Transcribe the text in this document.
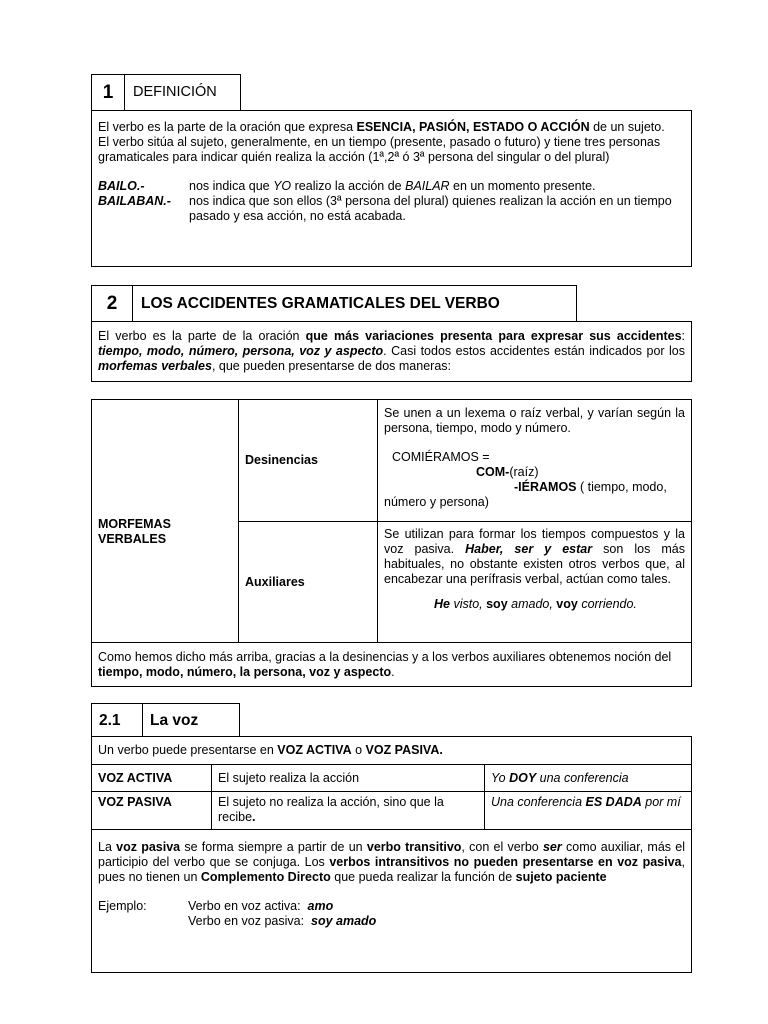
1 DEFINICIÓN

El verbo es la parte de la oración que expresa ESENCIA, PASIÓN, ESTADO O ACCIÓN de un sujeto.

El verbo sitúa al sujeto, generalmente, en un tiempo (presente, pasado o futuro) y tiene tres personas gramaticales para indicar quién realiza la acción (1ª,2ª ó 3ª persona del singular o del plural)

BAILO.-	nos indica que YO realizo la acción de BAILAR en un momento presente.
BAILABAN.-	nos indica que son ellos (3ª persona del plural) quienes realizan la acción en un tiempo pasado y esa acción, no está acabada.
2 LOS ACCIDENTES GRAMATICALES DEL VERBO
El verbo es la parte de la oración que más variaciones presenta para expresar sus accidentes: tiempo, modo, número, persona, voz y aspecto. Casi todos estos accidentes están indicados por los morfemas verbales, que pueden presentarse de dos maneras:
MORFEMAS VERBALES	Desinencias	Se unen a un lexema o raíz verbal, y varían según la persona, tiempo, modo y número.

COMIÉRAMOS =

COM-(raíz)

-IÉRAMOS ( tiempo, modo, número y persona)

	Auxiliares	Se utilizan para formar los tiempos compuestos y la voz pasiva. Haber, ser y estar son los más habituales, no obstante existen otros verbos que, al encabezar una perífrasis verbal, actúan como tales.

He visto, soy amado, voy corriendo.

Como hemos dicho más arriba, gracias a la desinencias y a los verbos auxiliares obtenemos noción del tiempo, modo, número, la persona, voz y aspecto.		
2.1 La voz
Un verbo puede presentarse en VOZ ACTIVA o VOZ PASIVA.
VOZ ACTIVA	El sujeto realiza la acción	Yo DOY una conferencia
VOZ PASIVA	El sujeto no realiza la acción, sino que la recibe.	Una conferencia ES DADA por mí

La voz pasiva se forma siempre a partir de un verbo transitivo, con el verbo ser como auxiliar, más el participio del verbo que se conjuga. Los verbos intransitivos no pueden presentarse en voz pasiva, pues no tienen un Complemento Directo que pueda realizar la función de sujeto paciente

Ejemplo:	Verbo en voz activa: amo
Verbo en voz pasiva: soy amado
